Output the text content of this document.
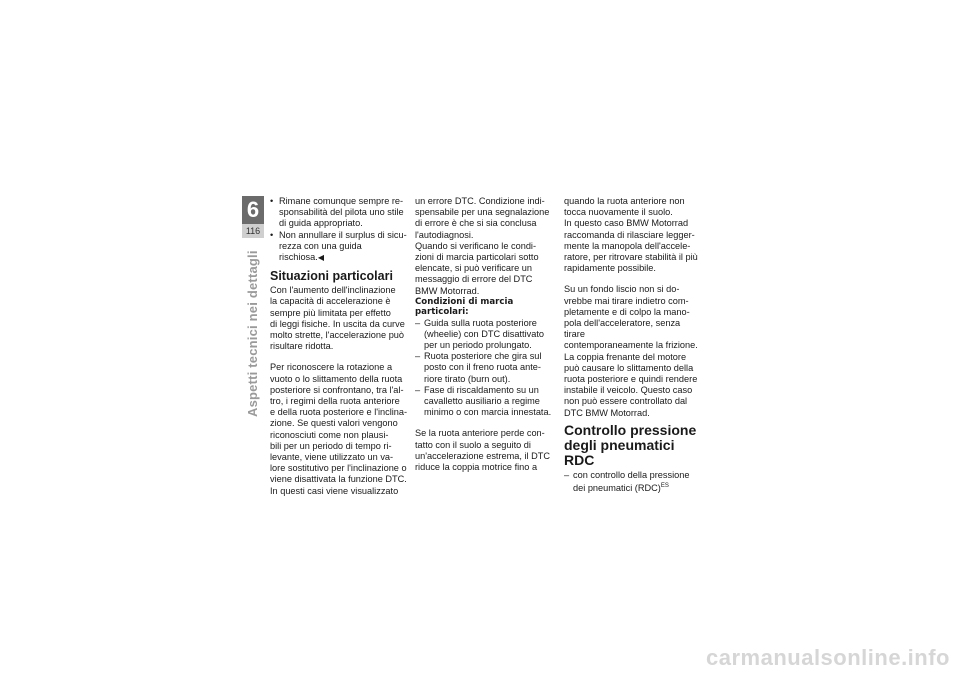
6
116
Aspetti tecnici nei dettagli
• Rimane comunque sempre re-
sponsabilità del pilota uno stile
di guida appropriato.
• Non annullare il surplus di sicu-
rezza con una guida rischiosa.◀
Situazioni particolari

Con l'aumento dell'inclinazione
la capacità di accelerazione è
sempre più limitata per effetto
di leggi fisiche. In uscita da curve
molto strette, l'accelerazione può
risultare ridotta.

Per riconoscere la rotazione a
vuoto o lo slittamento della ruota
posteriore si confrontano, tra l'al-
tro, i regimi della ruota anteriore
e della ruota posteriore e l'inclina-
zione. Se questi valori vengono
riconosciuti come non plausi-
bili per un periodo di tempo ri-
levante, viene utilizzato un va-
lore sostitutivo per l'inclinazione o
viene disattivata la funzione DTC.
In questi casi viene visualizzato

un errore DTC. Condizione indi-
spensabile per una segnalazione
di errore è che si sia conclusa
l'autodiagnosi.
Quando si verificano le condi-
zioni di marcia particolari sotto
elencate, si può verificare un
messaggio di errore del DTC
BMW Motorrad.

Condizioni di marcia
particolari:
– Guida sulla ruota posteriore
(wheelie) con DTC disattivato
per un periodo prolungato.
– Ruota posteriore che gira sul
posto con il freno ruota ante-
riore tirato (burn out).
– Fase di riscaldamento su un
cavalletto ausiliario a regime
minimo o con marcia innestata.

Se la ruota anteriore perde con-
tatto con il suolo a seguito di
un'accelerazione estrema, il DTC
riduce la coppia motrice fino a

quando la ruota anteriore non
tocca nuovamente il suolo.
In questo caso BMW Motorrad
raccomanda di rilasciare legger-
mente la manopola dell'accele-
ratore, per ritrovare stabilità il più
rapidamente possibile.

Su un fondo liscio non si do-
vrebbe mai tirare indietro com-
pletamente e di colpo la mano-
pola dell'acceleratore, senza tirare
contemporaneamente la frizione.
La coppia frenante del motore
può causare lo slittamento della
ruota posteriore e quindi rendere
instabile il veicolo. Questo caso
non può essere controllato dal
DTC BMW Motorrad.

Controllo pressione
degli pneumatici RDC
– con controllo della pressione
dei pneumatici (RDC)$^{ES}$
carmanualsonline.info
